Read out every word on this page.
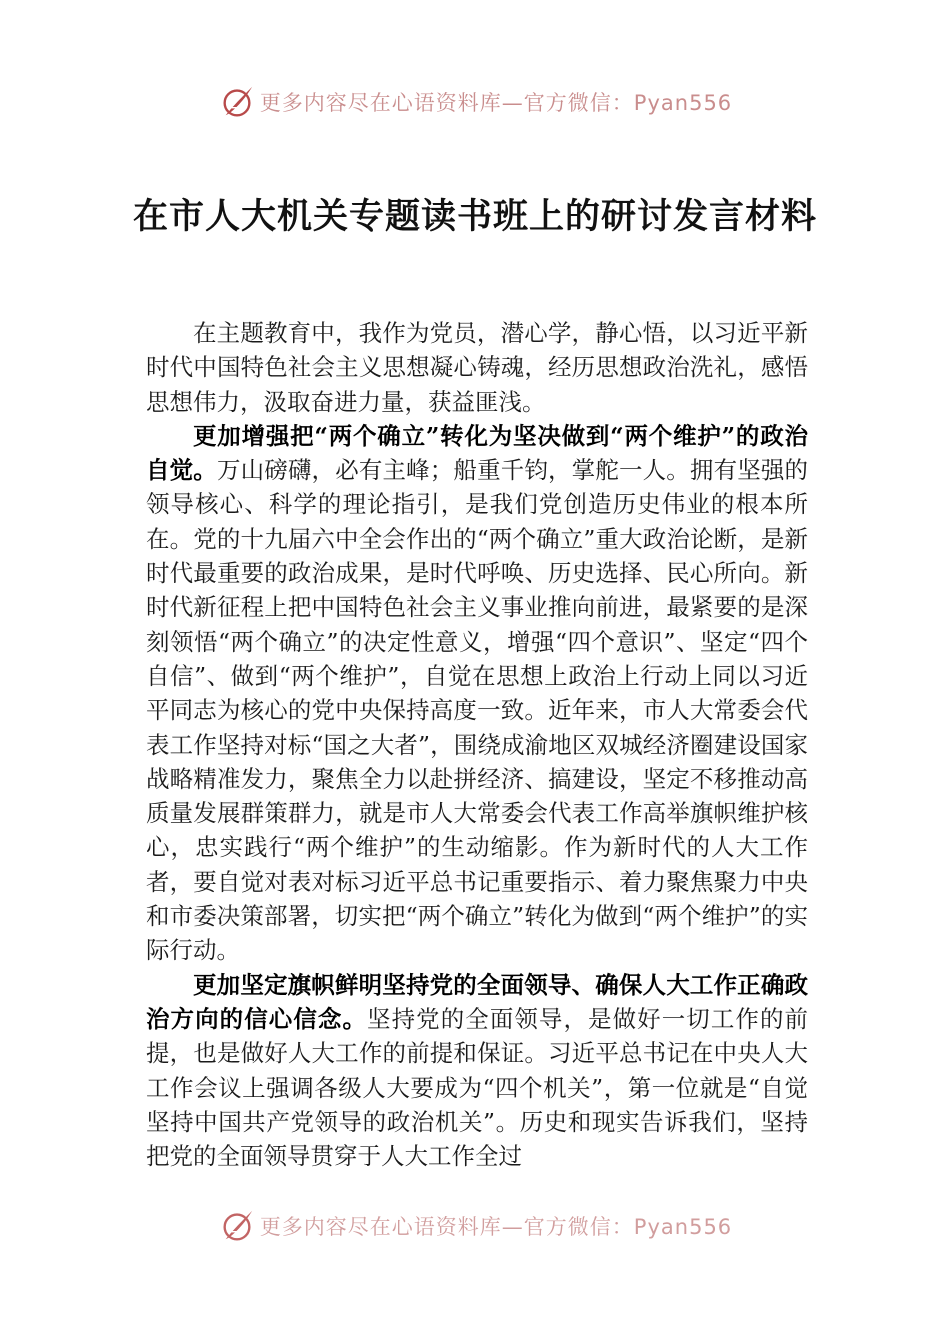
更多内容尽在心语资料库—官方微信：Pyan556
在市人大机关专题读书班上的研讨发言材料

在主题教育中，我作为党员，潜心学，静心悟，以习近平新时代中国特色社会主义思想凝心铸魂，经历思想政治洗礼，感悟思想伟力，汲取奋进力量，获益匪浅。

更加增强把“两个确立”转化为坚决做到“两个维护”的政治自觉。万山磅礴，必有主峰；船重千钧，掌舵一人。拥有坚强的领导核心、科学的理论指引，是我们党创造历史伟业的根本所在。党的十九届六中全会作出的“两个确立”重大政治论断，是新时代最重要的政治成果，是时代呼唤、历史选择、民心所向。新时代新征程上把中国特色社会主义事业推向前进，最紧要的是深刻领悟“两个确立”的决定性意义，增强“四个意识”、坚定“四个自信”、做到“两个维护”，自觉在思想上政治上行动上同以习近平同志为核心的党中央保持高度一致。近年来，市人大常委会代表工作坚持对标“国之大者”，围绕成渝地区双城经济圈建设国家战略精准发力，聚焦全力以赴拼经济、搞建设，坚定不移推动高质量发展群策群力，就是市人大常委会代表工作高举旗帜维护核心，忠实践行“两个维护”的生动缩影。作为新时代的人大工作者，要自觉对表对标习近平总书记重要指示、着力聚焦聚力中央和市委决策部署，切实把“两个确立”转化为做到“两个维护”的实际行动。

更加坚定旗帜鲜明坚持党的全面领导、确保人大工作正确政治方向的信心信念。坚持党的全面领导，是做好一切工作的前提，也是做好人大工作的前提和保证。习近平总书记在中央人大工作会议上强调各级人大要成为“四个机关”，第一位就是“自觉坚持中国共产党领导的政治机关”。历史和现实告诉我们，坚持把党的全面领导贯穿于人大工作全过

更多内容尽在心语资料库—官方微信：Pyan556
